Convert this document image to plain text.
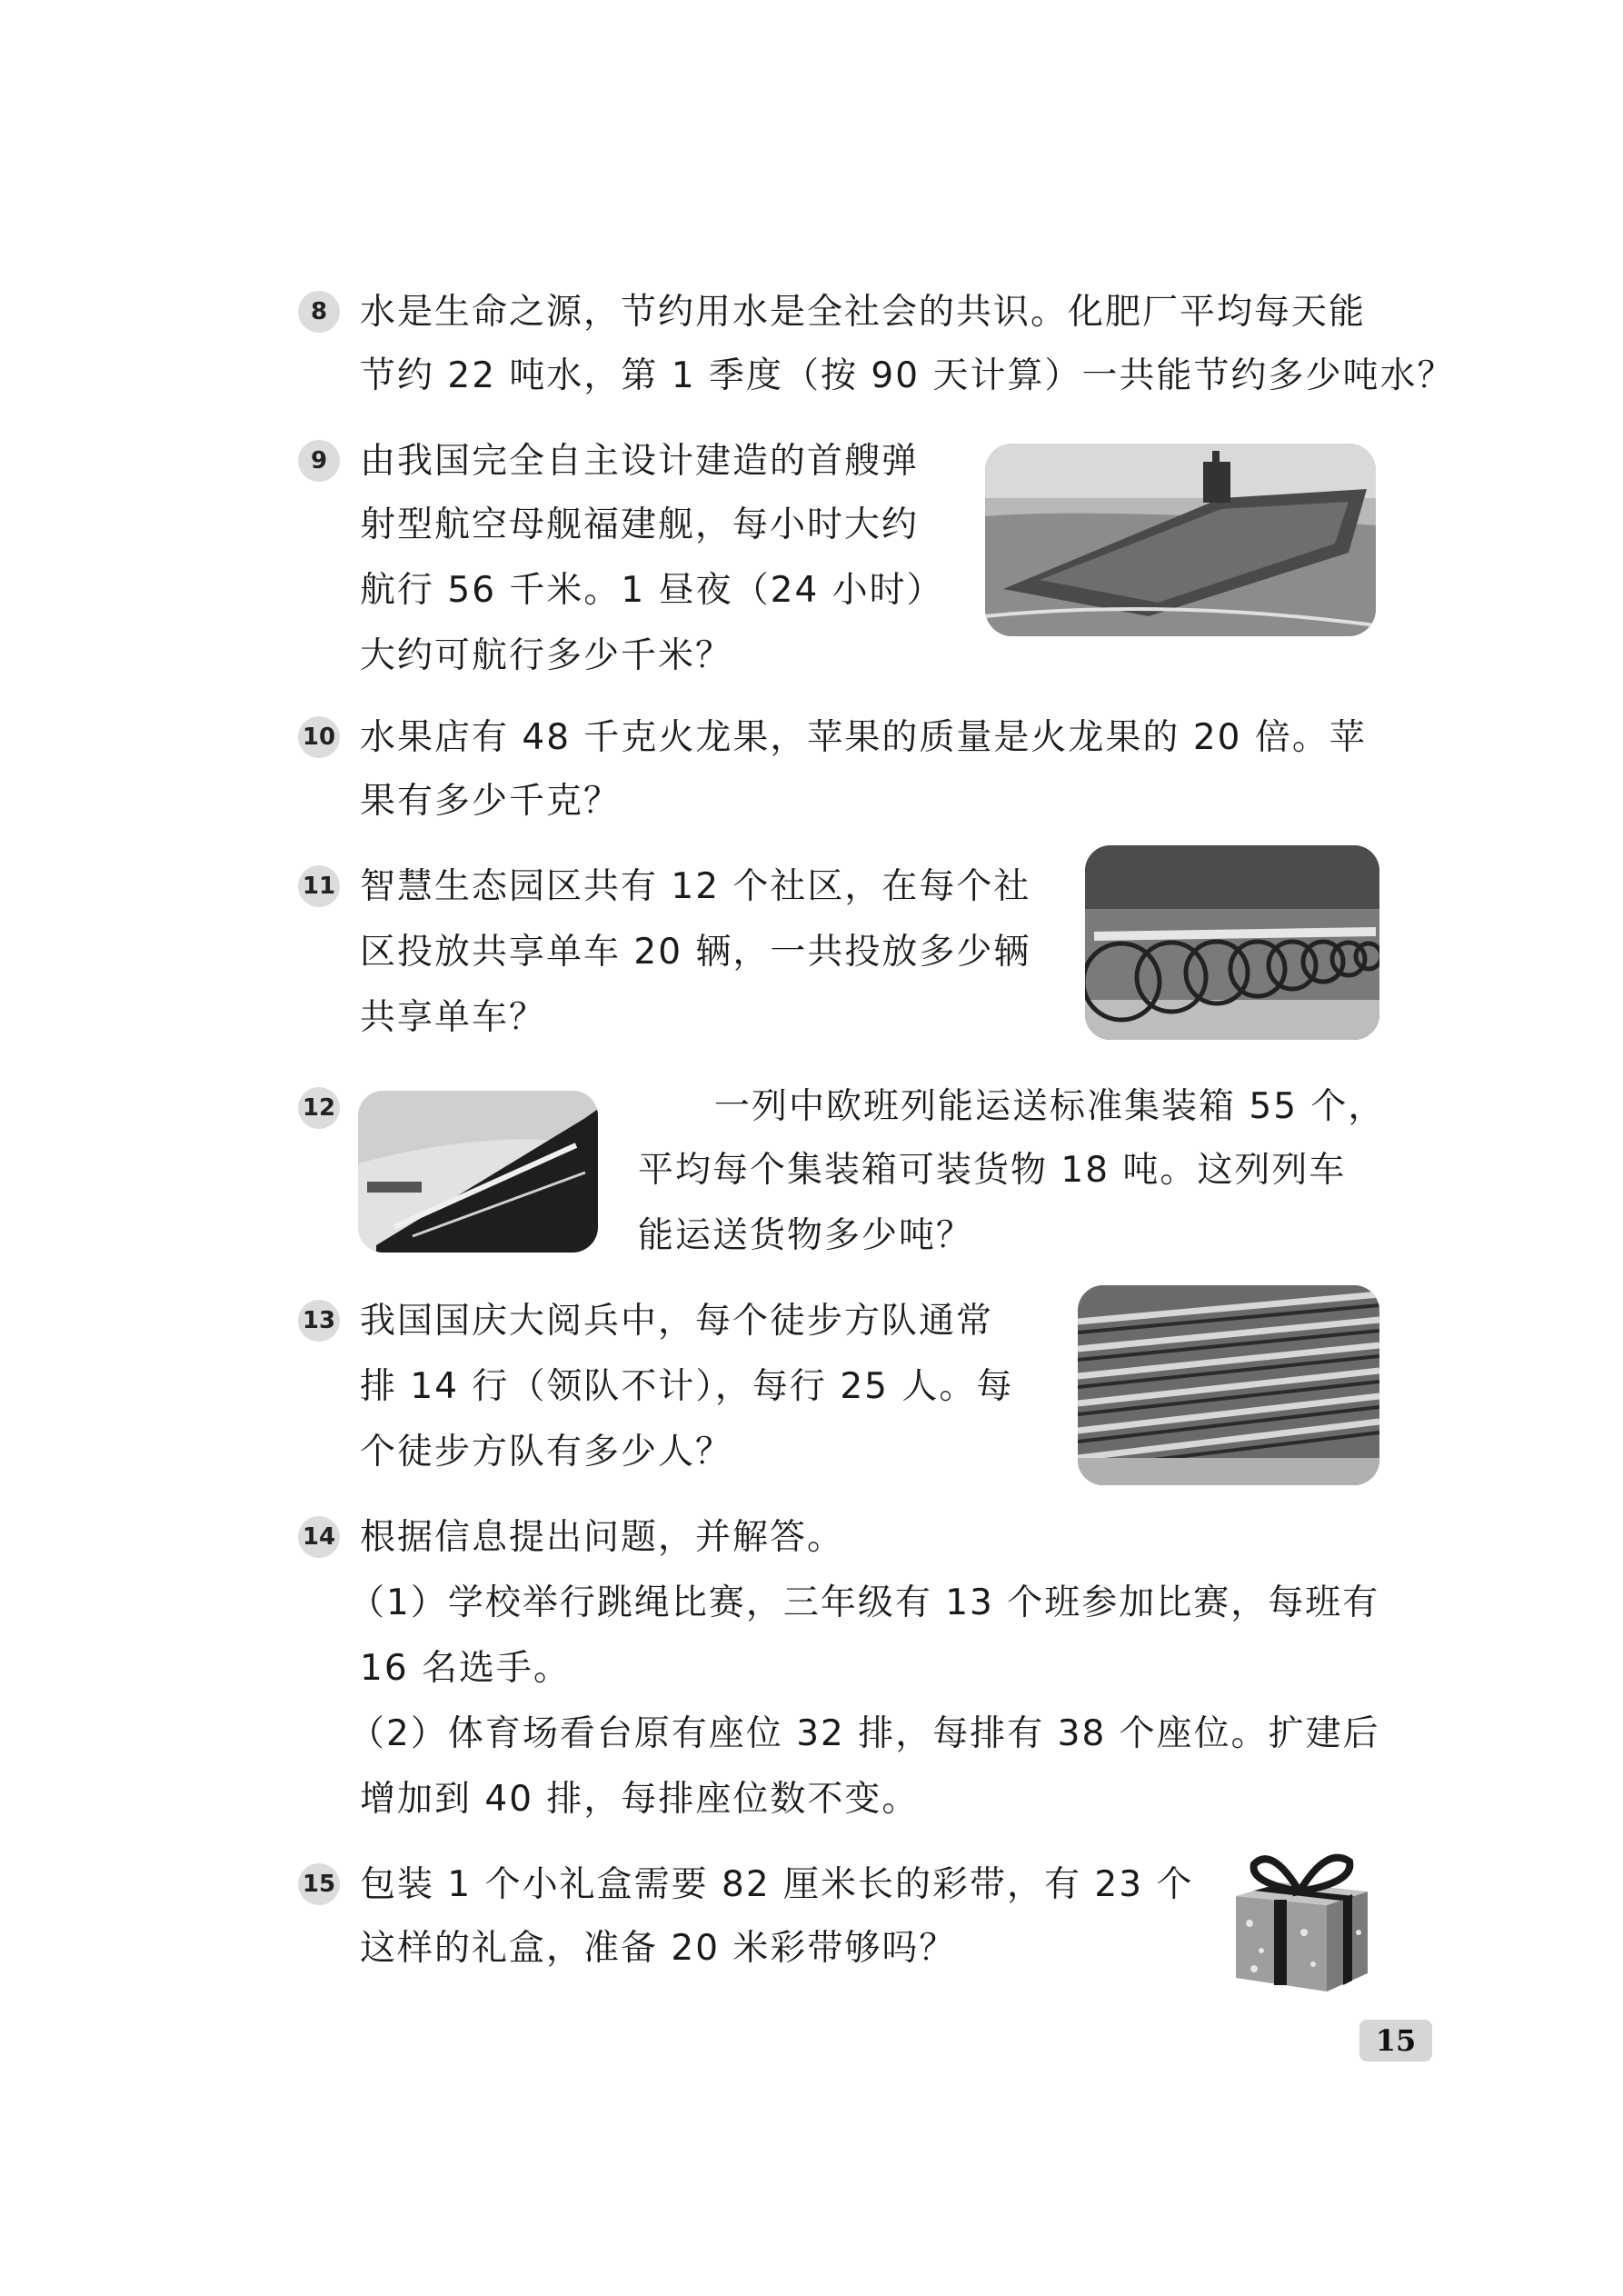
8 水是生命之源，节约用水是全社会的共识。化肥厂平均每天能
节约 22 吨水，第 1 季度（按 90 天计算）一共能节约多少吨水？
9 由我国完全自主设计建造的首艘弹
射型航空母舰福建舰，每小时大约
航行 56 千米。1 昼夜（24 小时）
大约可航行多少千米？
10 水果店有 48 千克火龙果，苹果的质量是火龙果的 20 倍。苹
果有多少千克？
11 智慧生态园区共有 12 个社区，在每个社
区投放共享单车 20 辆，一共投放多少辆
共享单车？
12	一列中欧班列能运送标准集装箱 55 个，
平均每个集装箱可装货物 18 吨。这列列车
能运送货物多少吨？
13 我国国庆大阅兵中，每个徒步方队通常
排 14 行（领队不计），每行 25 人。每
个徒步方队有多少人？
14 根据信息提出问题，并解答。
（1）学校举行跳绳比赛，三年级有 13 个班参加比赛，每班有
16 名选手。
（2）体育场看台原有座位 32 排，每排有 38 个座位。扩建后
增加到 40 排，每排座位数不变。
15 包装 1 个小礼盒需要 82 厘米长的彩带，有 23 个
这样的礼盒，准备 20 米彩带够吗？
15
